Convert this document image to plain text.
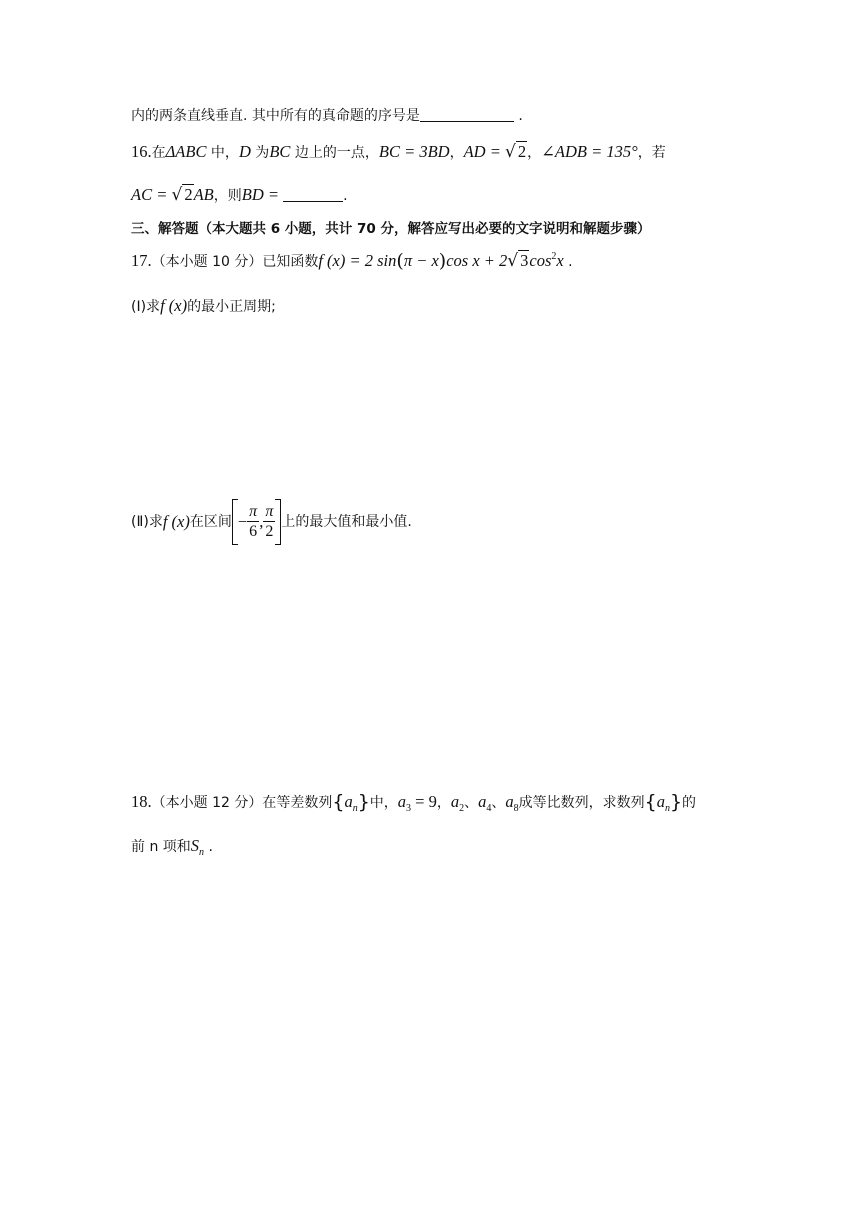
内的两条直线垂直. 其中所有的真命题的序号是	.
16.在ΔABC 中，D 为BC 边上的一点，BC = 3BD，AD = √ 2，∠ADB = 135°，若
AC = √ 2AB，则BD =	.
三、解答题（本大题共 6 小题，共计 70 分，解答应写出必要的文字说明和解题步骤）
17.（本小题 10 分）已知函数f (x) = 2 sin(π − x)cos x + 2√ $3\cos^2x$ .
(Ⅰ)求f (x)的最小正周期;
(Ⅱ)求f (x)在区间 − $\frac{\pi}{6}$ , $\frac{\pi}{2}$ 上的最大值和最小值.
18.（本小题 12 分）在等差数列$\{a_n\}$中，$a_3 = 9$，$a_2$、$a_4$、$a_8$成等比数列，求数列$\{a_n\}$的
前 n 项和$S_n$ .
